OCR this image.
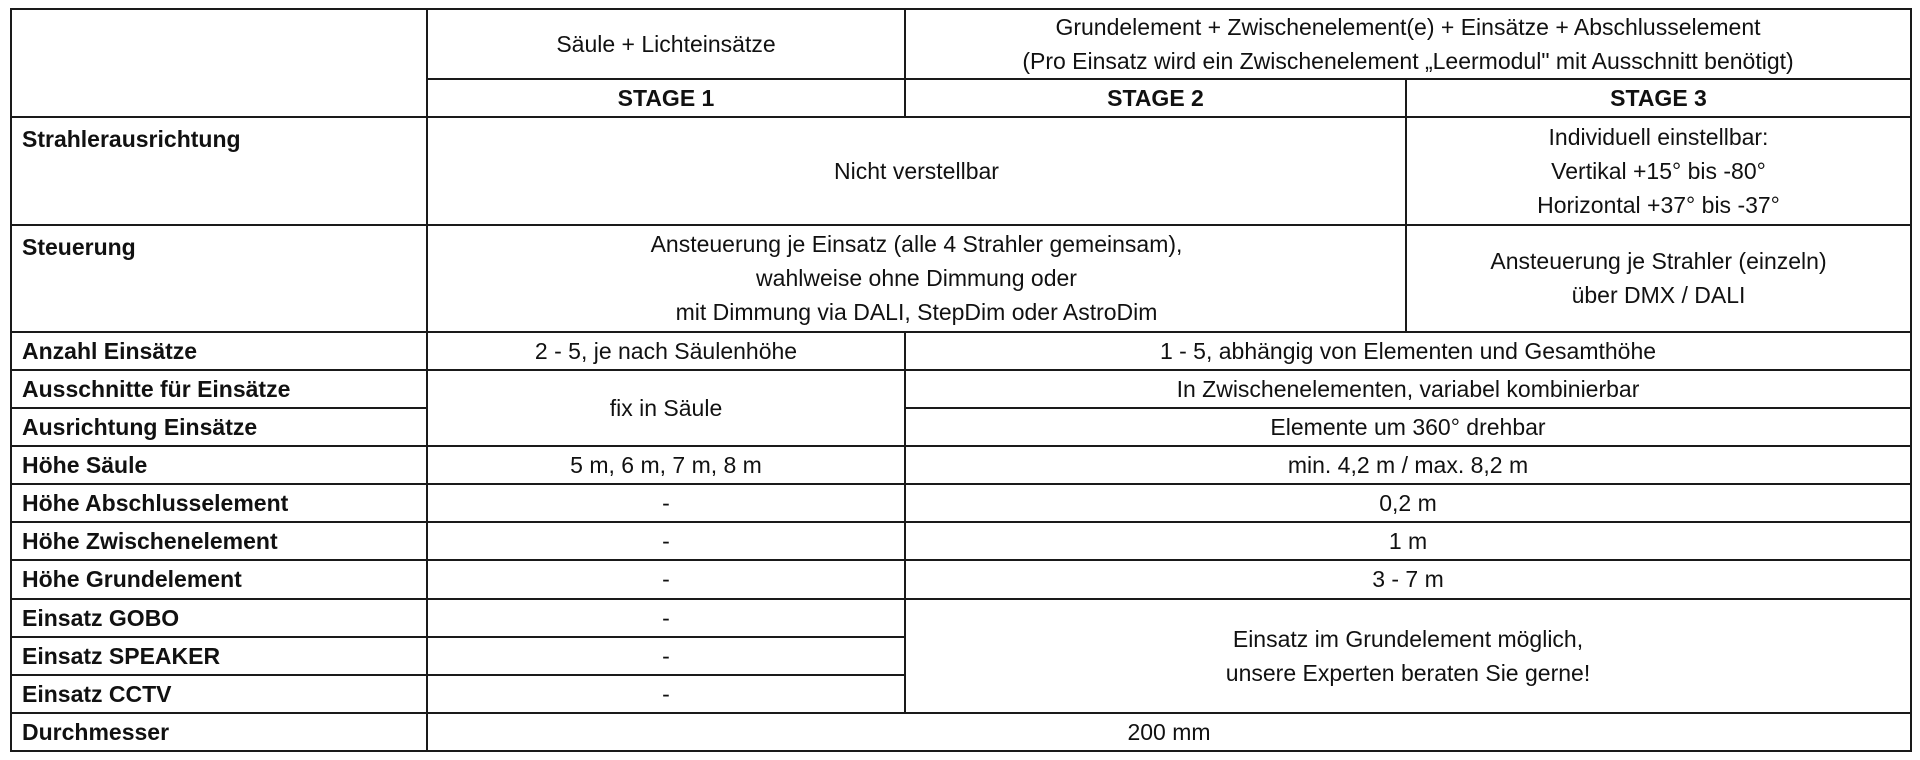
	Säule + Lichteinsätze	Grundelement + Zwischenelement(e) + Einsätze + Abschlusselement
(Pro Einsatz wird ein Zwischenelement „Leermodul" mit Ausschnitt benötigt)	

	STAGE 1	STAGE 2	STAGE 3
Strahlerausrichtung	Nicht verstellbar		Individuell einstellbar:
Vertikal +15° bis -80°
Horizontal +37° bis -37°
Steuerung	Ansteuerung je Einsatz (alle 4 Strahler gemeinsam),
wahlweise ohne Dimmung oder
mit Dimmung via DALI, StepDim oder AstroDim		Ansteuerung je Strahler (einzeln)
über DMX / DALI
Anzahl Einsätze	2 - 5, je nach Säulenhöhe	1 - 5, abhängig von Elementen und Gesamthöhe	
Ausschnitte für Einsätze	fix in Säule	In Zwischenelementen, variabel kombinierbar	
Ausrichtung Einsätze		Elemente um 360° drehbar	
Höhe Säule	5 m, 6 m, 7 m, 8 m	min. 4,2 m / max. 8,2 m	
Höhe Abschlusselement	-	0,2 m	
Höhe Zwischenelement	-	1 m	
Höhe Grundelement	-	3 - 7 m	
Einsatz GOBO	-	Einsatz im Grundelement möglich,
unsere Experten beraten Sie gerne!	
Einsatz SPEAKER	-		
Einsatz CCTV	-		
Durchmesser	200 mm		
